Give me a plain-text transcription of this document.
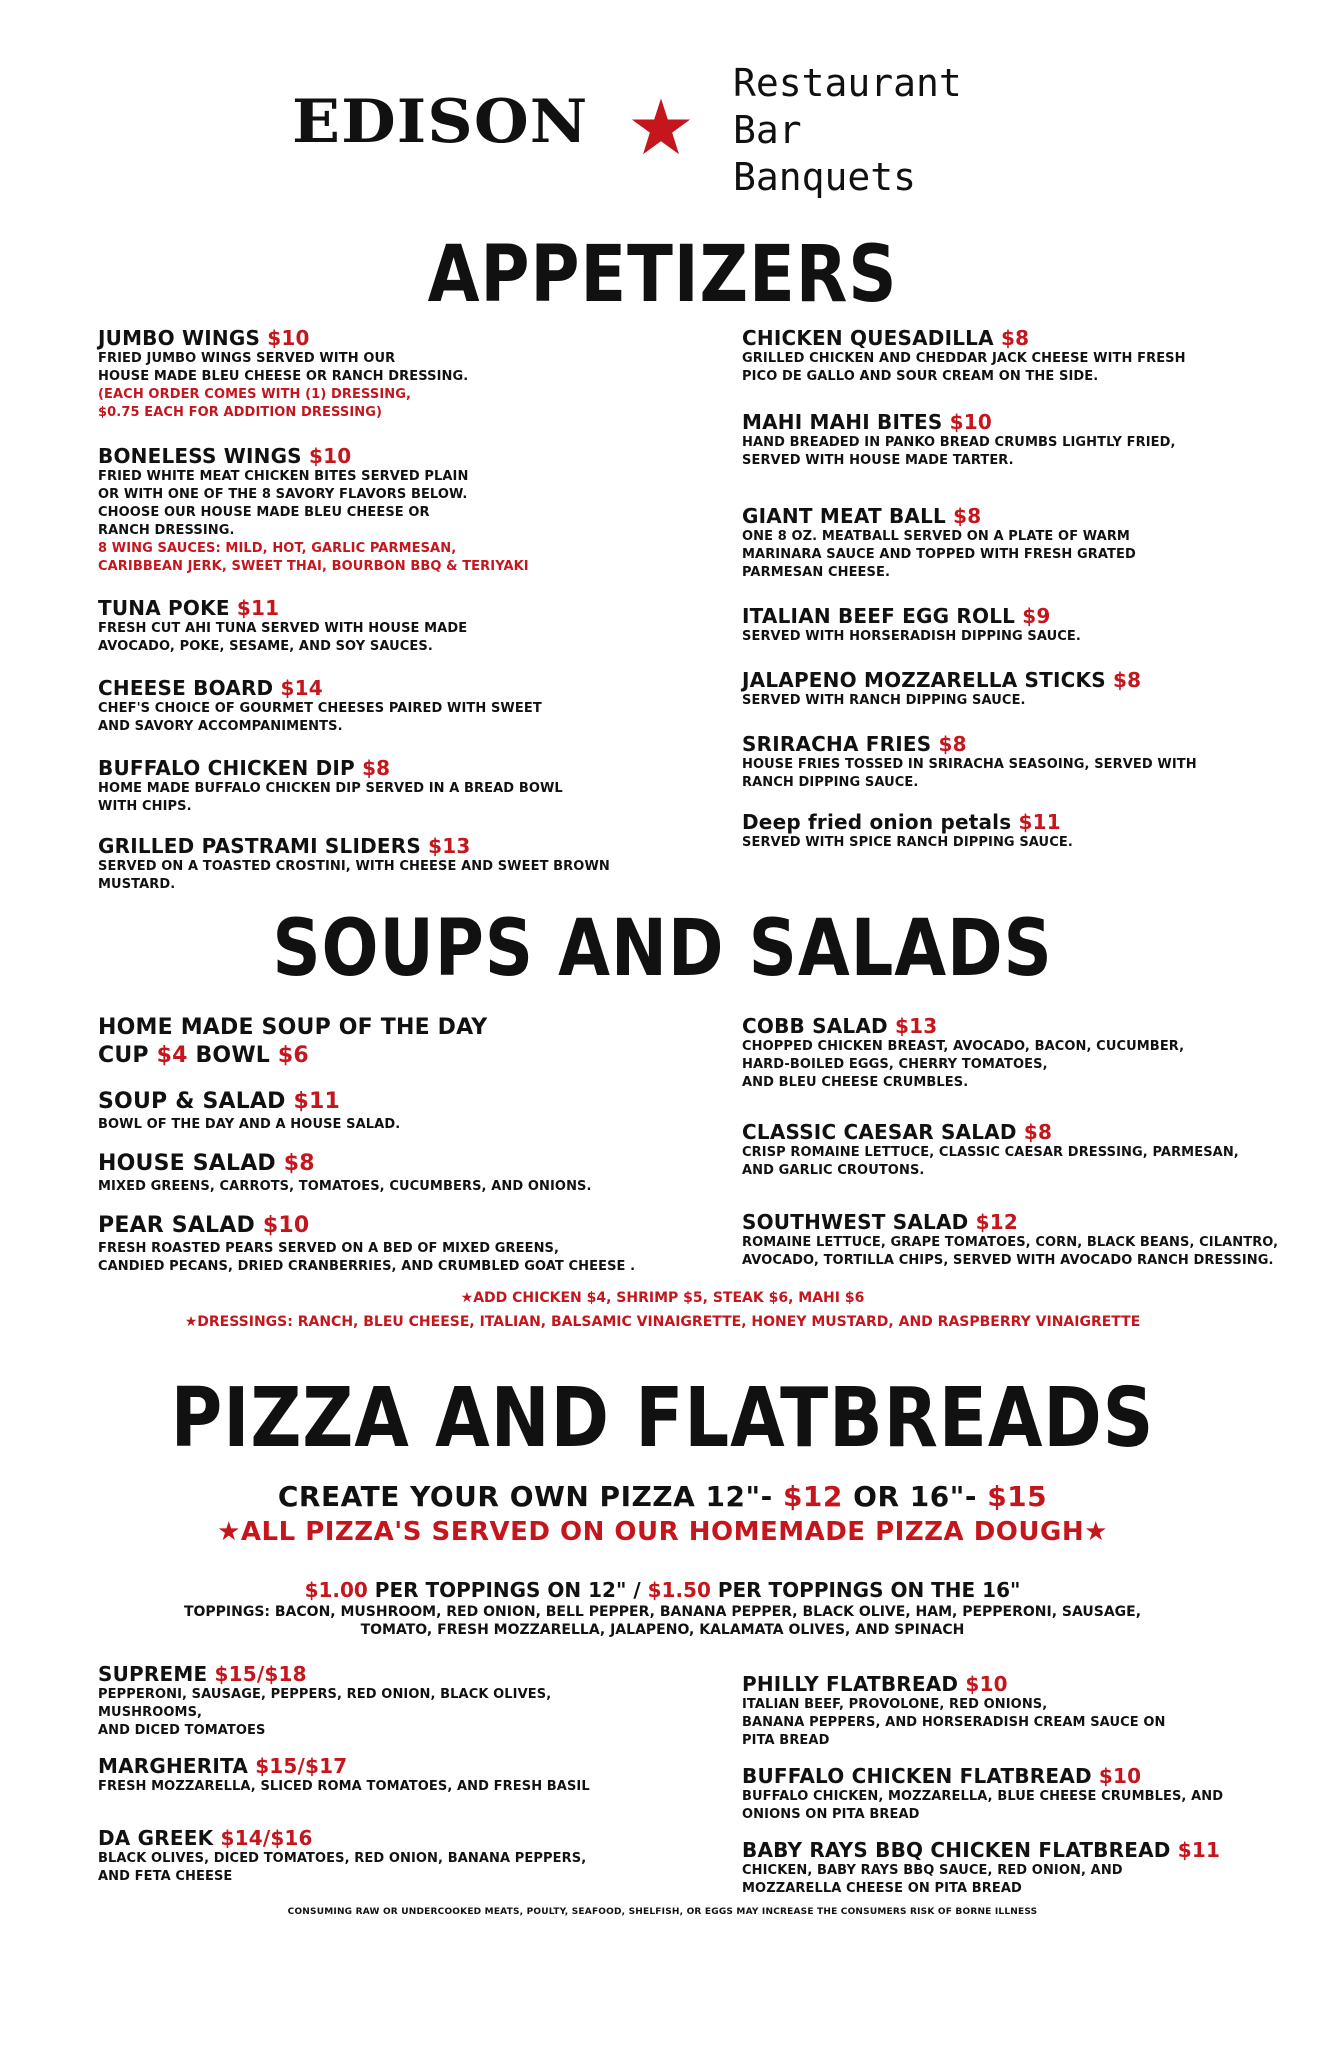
EDISON
Restaurant
Bar
Banquets
APPETIZERS
JUMBO WINGS $10
FRIED JUMBO WINGS SERVED WITH OUR
HOUSE MADE BLEU CHEESE OR RANCH DRESSING.
(EACH ORDER COMES WITH (1) DRESSING,
$0.75 EACH FOR ADDITION DRESSING)
BONELESS WINGS $10
FRIED WHITE MEAT CHICKEN BITES SERVED PLAIN
OR WITH ONE OF THE 8 SAVORY FLAVORS BELOW.
CHOOSE OUR HOUSE MADE BLEU CHEESE OR
RANCH DRESSING.
8 WING SAUCES: MILD, HOT, GARLIC PARMESAN,
CARIBBEAN JERK, SWEET THAI, BOURBON BBQ & TERIYAKI
TUNA POKE $11
FRESH CUT AHI TUNA SERVED WITH HOUSE MADE
AVOCADO, POKE, SESAME, AND SOY SAUCES.
CHEESE BOARD $14
CHEF'S CHOICE OF GOURMET CHEESES PAIRED WITH SWEET
AND SAVORY ACCOMPANIMENTS.
BUFFALO CHICKEN DIP $8
HOME MADE BUFFALO CHICKEN DIP SERVED IN A BREAD BOWL
WITH CHIPS.
GRILLED PASTRAMI SLIDERS $13
SERVED ON A TOASTED CROSTINI, WITH CHEESE AND SWEET BROWN MUSTARD.
CHICKEN QUESADILLA $8
GRILLED CHICKEN AND CHEDDAR JACK CHEESE WITH FRESH
PICO DE GALLO AND SOUR CREAM ON THE SIDE.
MAHI MAHI BITES $10
HAND BREADED IN PANKO BREAD CRUMBS LIGHTLY FRIED,
SERVED WITH HOUSE MADE TARTER.
GIANT MEAT BALL $8
ONE 8 OZ. MEATBALL SERVED ON A PLATE OF WARM
MARINARA SAUCE AND TOPPED WITH FRESH GRATED
PARMESAN CHEESE.
ITALIAN BEEF EGG ROLL $9
SERVED WITH HORSERADISH DIPPING SAUCE.
JALAPENO MOZZARELLA STICKS $8
SERVED WITH RANCH DIPPING SAUCE.
SRIRACHA FRIES $8
HOUSE FRIES TOSSED IN SRIRACHA SEASOING, SERVED WITH
RANCH DIPPING SAUCE.
Deep fried onion petals $11
SERVED WITH SPICE RANCH DIPPING SAUCE.
SOUPS AND SALADS
HOME MADE SOUP OF THE DAY
CUP $4 BOWL $6
SOUP & SALAD $11
BOWL OF THE DAY AND A HOUSE SALAD.
HOUSE SALAD $8
MIXED GREENS, CARROTS, TOMATOES, CUCUMBERS, AND ONIONS.
PEAR SALAD $10
FRESH ROASTED PEARS SERVED ON A BED OF MIXED GREENS,
CANDIED PECANS, DRIED CRANBERRIES, AND CRUMBLED GOAT CHEESE .
COBB SALAD $13
CHOPPED CHICKEN BREAST, AVOCADO, BACON, CUCUMBER,
HARD-BOILED EGGS, CHERRY TOMATOES,
AND BLEU CHEESE CRUMBLES.
CLASSIC CAESAR SALAD $8
CRISP ROMAINE LETTUCE, CLASSIC CAESAR DRESSING, PARMESAN,
AND GARLIC CROUTONS.
SOUTHWEST SALAD $12
ROMAINE LETTUCE, GRAPE TOMATOES, CORN, BLACK BEANS, CILANTRO,
AVOCADO, TORTILLA CHIPS, SERVED WITH AVOCADO RANCH DRESSING.
★ADD CHICKEN $4, SHRIMP $5, STEAK $6, MAHI $6
★DRESSINGS: RANCH, BLEU CHEESE, ITALIAN, BALSAMIC VINAIGRETTE, HONEY MUSTARD, AND RASPBERRY VINAIGRETTE
PIZZA AND FLATBREADS
CREATE YOUR OWN PIZZA 12"- $12 OR 16"- $15
★ALL PIZZA'S SERVED ON OUR HOMEMADE PIZZA DOUGH★
$1.00 PER TOPPINGS ON 12" / $1.50 PER TOPPINGS ON THE 16"
TOPPINGS: BACON, MUSHROOM, RED ONION, BELL PEPPER, BANANA PEPPER, BLACK OLIVE, HAM, PEPPERONI, SAUSAGE,
TOMATO, FRESH MOZZARELLA, JALAPENO, KALAMATA OLIVES, AND SPINACH
SUPREME $15/$18
PEPPERONI, SAUSAGE, PEPPERS, RED ONION, BLACK OLIVES, MUSHROOMS,
AND DICED TOMATOES
MARGHERITA $15/$17
FRESH MOZZARELLA, SLICED ROMA TOMATOES, AND FRESH BASIL
DA GREEK $14/$16
BLACK OLIVES, DICED TOMATOES, RED ONION, BANANA PEPPERS,
AND FETA CHEESE
PHILLY FLATBREAD $10
ITALIAN BEEF, PROVOLONE, RED ONIONS,
BANANA PEPPERS, AND HORSERADISH CREAM SAUCE ON
PITA BREAD
BUFFALO CHICKEN FLATBREAD $10
BUFFALO CHICKEN, MOZZARELLA, BLUE CHEESE CRUMBLES, AND
ONIONS ON PITA BREAD
BABY RAYS BBQ CHICKEN FLATBREAD $11
CHICKEN, BABY RAYS BBQ SAUCE, RED ONION, AND
MOZZARELLA CHEESE ON PITA BREAD
CONSUMING RAW OR UNDERCOOKED MEATS, POULTY, SEAFOOD, SHELFISH, OR EGGS MAY INCREASE THE CONSUMERS RISK OF BORNE ILLNESS
